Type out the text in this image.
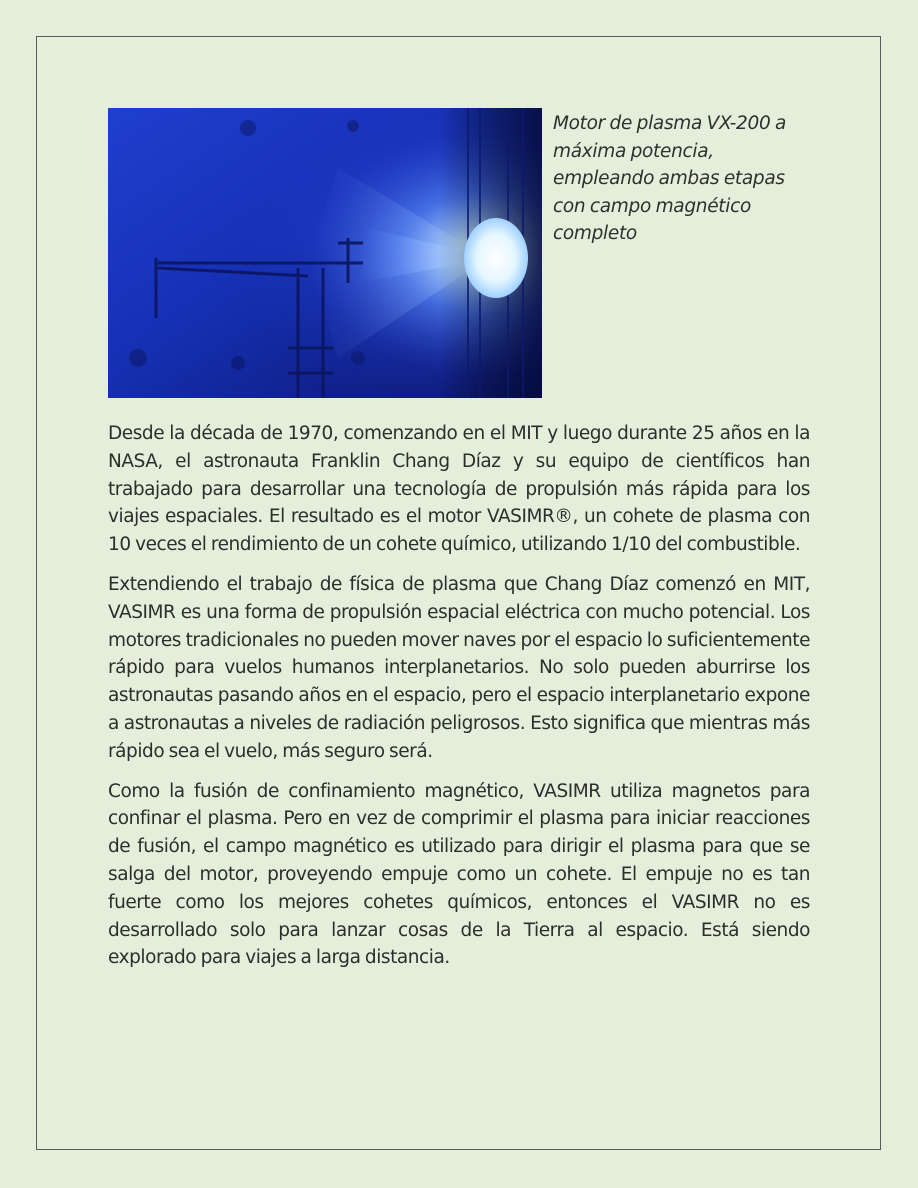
Motor de plasma VX-200 a máxima potencia, empleando ambas etapas con campo magnético completo

Desde la década de 1970, comenzando en el MIT y luego durante 25 años en la NASA, el astronauta Franklin Chang Díaz y su equipo de científicos han trabajado para desarrollar una tecnología de propulsión más rápida para los viajes espaciales. El resultado es el motor VASIMR®, un cohete de plasma con 10 veces el rendimiento de un cohete químico, utilizando 1/10 del combustible.

Extendiendo el trabajo de física de plasma que Chang Díaz comenzó en MIT, VASIMR es una forma de propulsión espacial eléctrica con mucho potencial. Los motores tradicionales no pueden mover naves por el espacio lo suficientemente rápido para vuelos humanos interplanetarios. No solo pueden aburrirse los astronautas pasando años en el espacio, pero el espacio interplanetario expone a astronautas a niveles de radiación peligrosos. Esto significa que mientras más rápido sea el vuelo, más seguro será.

Como la fusión de confinamiento magnético, VASIMR utiliza magnetos para confinar el plasma. Pero en vez de comprimir el plasma para iniciar reacciones de fusión, el campo magnético es utilizado para dirigir el plasma para que se salga del motor, proveyendo empuje como un cohete. El empuje no es tan fuerte como los mejores cohetes químicos, entonces el VASIMR no es desarrollado solo para lanzar cosas de la Tierra al espacio. Está siendo explorado para viajes a larga distancia.
